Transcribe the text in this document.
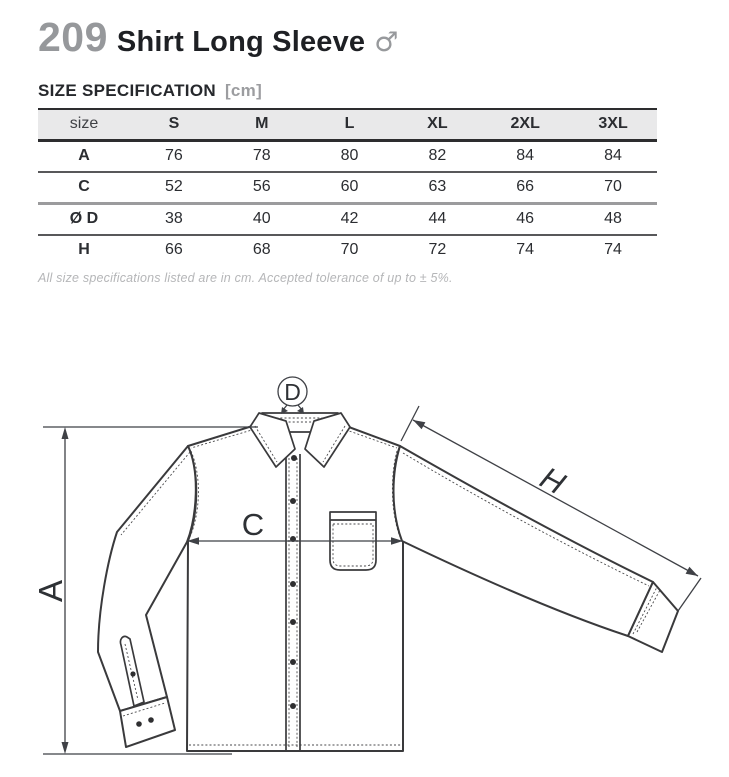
209 Shirt Long Sleeve ♂
SIZE SPECIFICATION [cm]
size	S	M	L	XL	2XL	3XL
A	76	78	80	82	84	84
C	52	56	60	63	66	70
Ø D	38	40	42	44	46	48
H	66	68	70	72	74	74
All size specifications listed are in cm. Accepted tolerance of up to ± 5%.
A
C
D
H
